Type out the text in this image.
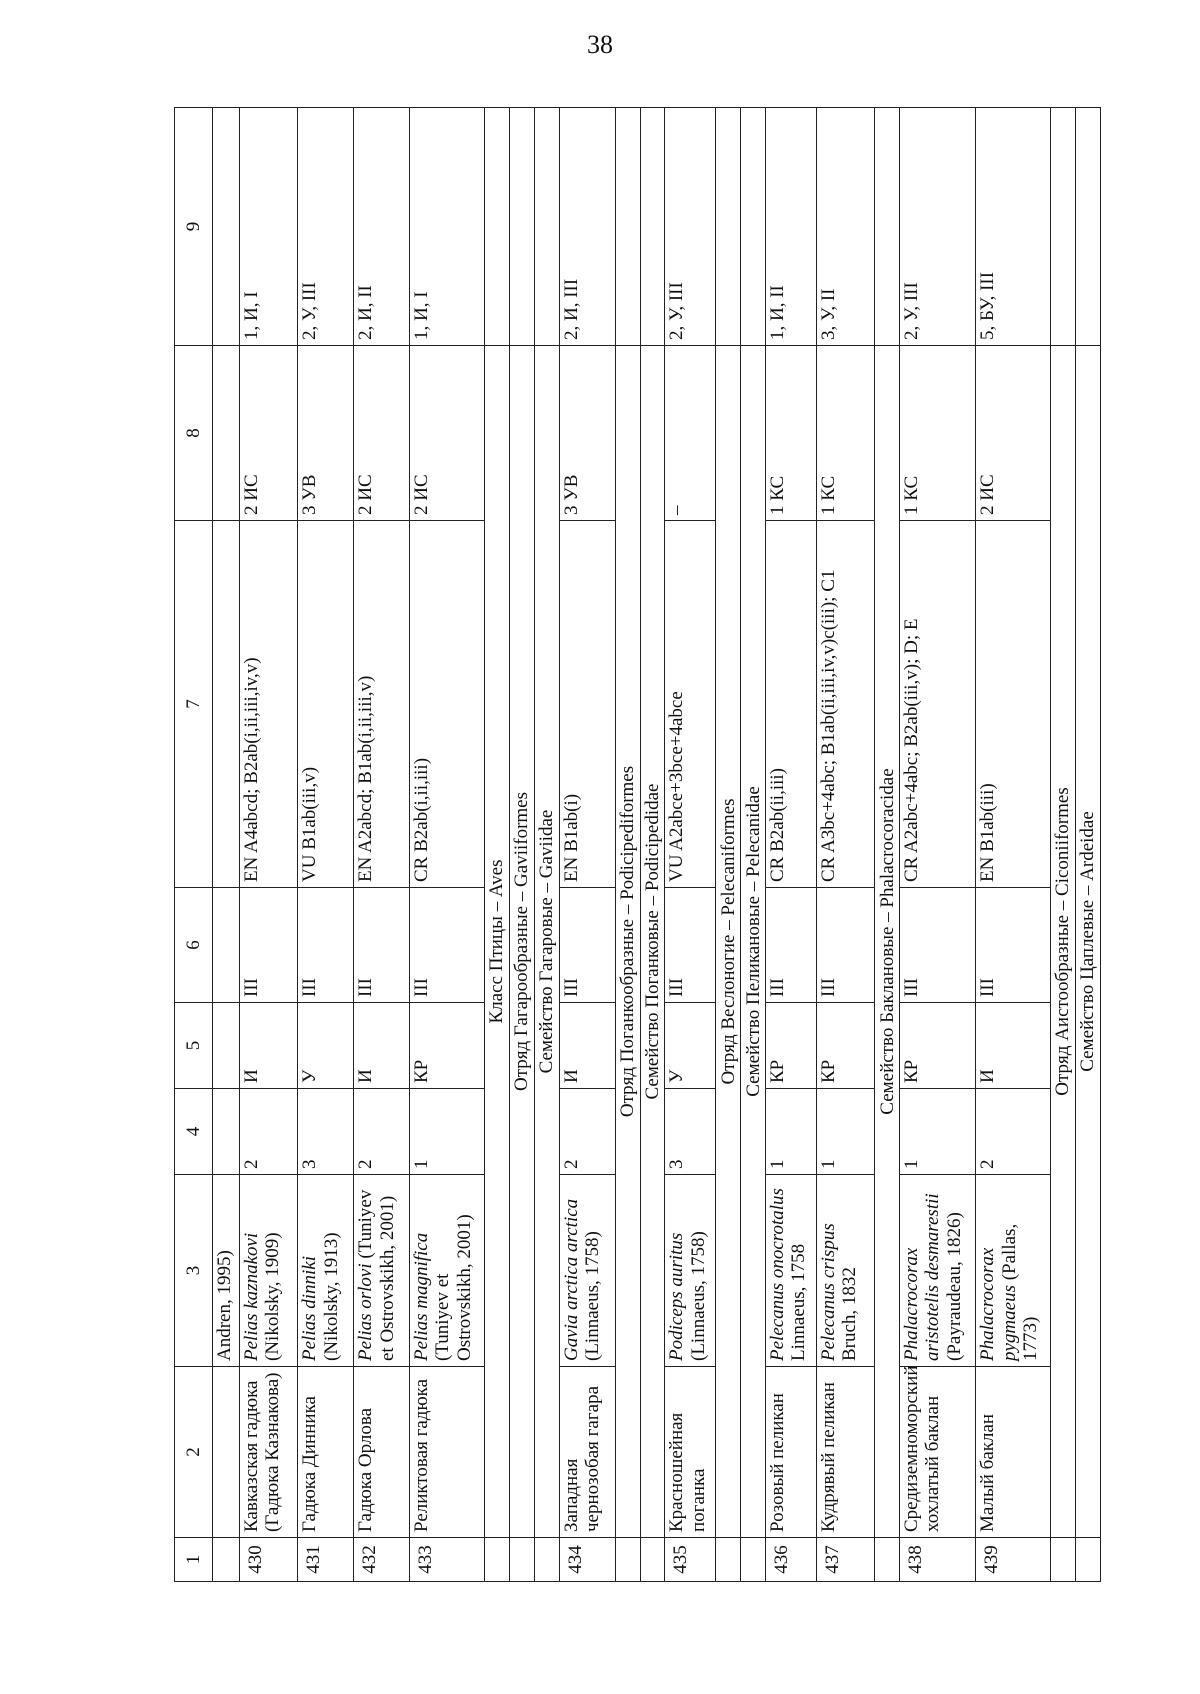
38
1	2	3	4	5	6	7	8	9
		Andren, 1995)						
430	Кавказская гадюка (Гадюка Казнакова)	Pelias kaznakovi (Nikolsky, 1909)	2	И	III	EN A4abcd; B2ab(i,ii,iii,iv,v)	2 ИС	1, И, I
431	Гадюка Динника	Pelias dinniki (Nikolsky, 1913)	3	У	III	VU B1ab(iii,v)	3 УВ	2, У, III
432	Гадюка Орлова	Pelias orlovi (Tuniyev et Ostrovskikh, 2001)	2	И	III	EN A2abcd; B1ab(i,ii,iii,v)	2 ИС	2, И, II
433	Реликтовая гадюка	Pelias magnifica (Tuniyev et Ostrovskikh, 2001)	1	КР	III	CR B2ab(i,ii,iii)	2 ИС	1, И, I
	Класс Птицы – Aves							
	Отряд Гагарообразные – Gaviiformes							
	Семейство Гагаровые – Gaviidae							
434	Западная чернозобая гагара	Gavia arctica arctica (Linnaeus, 1758)	2	И	III	EN B1ab(i)	3 УВ	2, И, III
	Отряд Поганкообразные – Podicipediformes							
	Семейство Поганковые – Podicipedidae							
435	Красношейная поганка	Podiceps auritus (Linnaeus, 1758)	3	У	III	VU A2abce+3bce+4abce	–	2, У, III
	Отряд Веслоногие – Pelecaniformes							
	Семейство Пеликановые – Pelecanidae							
436	Розовый пеликан	Pelecanus onocrotalus Linnaeus, 1758	1	КР	III	CR B2ab(ii,iii)	1 КС	1, И, II
437	Кудрявый пеликан	Pelecanus crispus Bruch, 1832	1	КР	III	CR A3bc+4abc; B1ab(ii,iii,iv,v)c(iii); C1	1 КС	3, У, II
	Семейство Баклановые – Phalacrocoracidae							
438	Средиземноморский хохлатый баклан	Phalacrocorax aristotelis desmarestii (Payraudeau, 1826)	1	КР	III	CR A2abc+4abc; B2ab(iii,v); D; E	1 КС	2, У, III
439	Малый баклан	Phalacrocorax pygmaeus (Pallas, 1773)	2	И	III	EN B1ab(iii)	2 ИС	5, БУ, III
	Отряд Аистообразные – Ciconiiformes							
	Семейство Цаплевые – Ardeidae							
